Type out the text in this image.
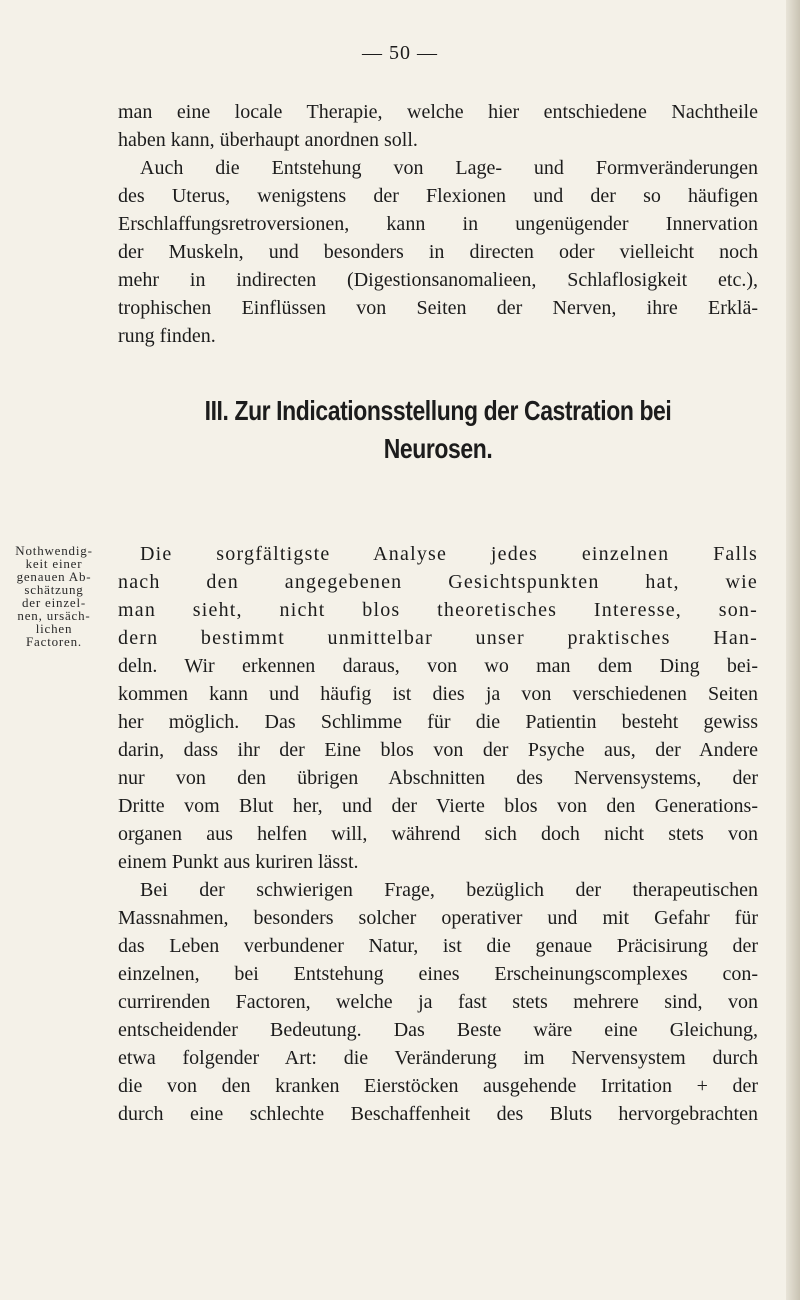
— 50 —
man eine locale Therapie, welche hier entschiedene Nachtheile
haben kann, überhaupt anordnen soll.
Auch die Entstehung von Lage- und Formveränderungen
des Uterus, wenigstens der Flexionen und der so häufigen
Erschlaffungsretroversionen, kann in ungenügender Innervation
der Muskeln, und besonders in directen oder vielleicht noch
mehr in indirecten (Digestionsanomalieen, Schlaflosigkeit etc.),
trophischen Einflüssen von Seiten der Nerven, ihre Erklä-
rung finden.
III. Zur Indicationsstellung der Castration bei
Neurosen.
Nothwendig-
keit einer
genauen Ab-
schätzung
der einzel-
nen, ursäch-
lichen
Factoren.
Die sorgfältigste Analyse jedes einzelnen Falls
nach den angegebenen Gesichtspunkten hat, wie
man sieht, nicht blos theoretisches Interesse, son-
dern bestimmt unmittelbar unser praktisches Han-
deln. Wir erkennen daraus, von wo man dem Ding bei-
kommen kann und häufig ist dies ja von verschiedenen Seiten
her möglich. Das Schlimme für die Patientin besteht gewiss
darin, dass ihr der Eine blos von der Psyche aus, der Andere
nur von den übrigen Abschnitten des Nervensystems, der
Dritte vom Blut her, und der Vierte blos von den Generations-
organen aus helfen will, während sich doch nicht stets von
einem Punkt aus kuriren lässt.
Bei der schwierigen Frage, bezüglich der therapeutischen
Massnahmen, besonders solcher operativer und mit Gefahr für
das Leben verbundener Natur, ist die genaue Präcisirung der
einzelnen, bei Entstehung eines Erscheinungscomplexes con-
currirenden Factoren, welche ja fast stets mehrere sind, von
entscheidender Bedeutung. Das Beste wäre eine Gleichung,
etwa folgender Art: die Veränderung im Nervensystem durch
die von den kranken Eierstöcken ausgehende Irritation + der
durch eine schlechte Beschaffenheit des Bluts hervorgebrachten
